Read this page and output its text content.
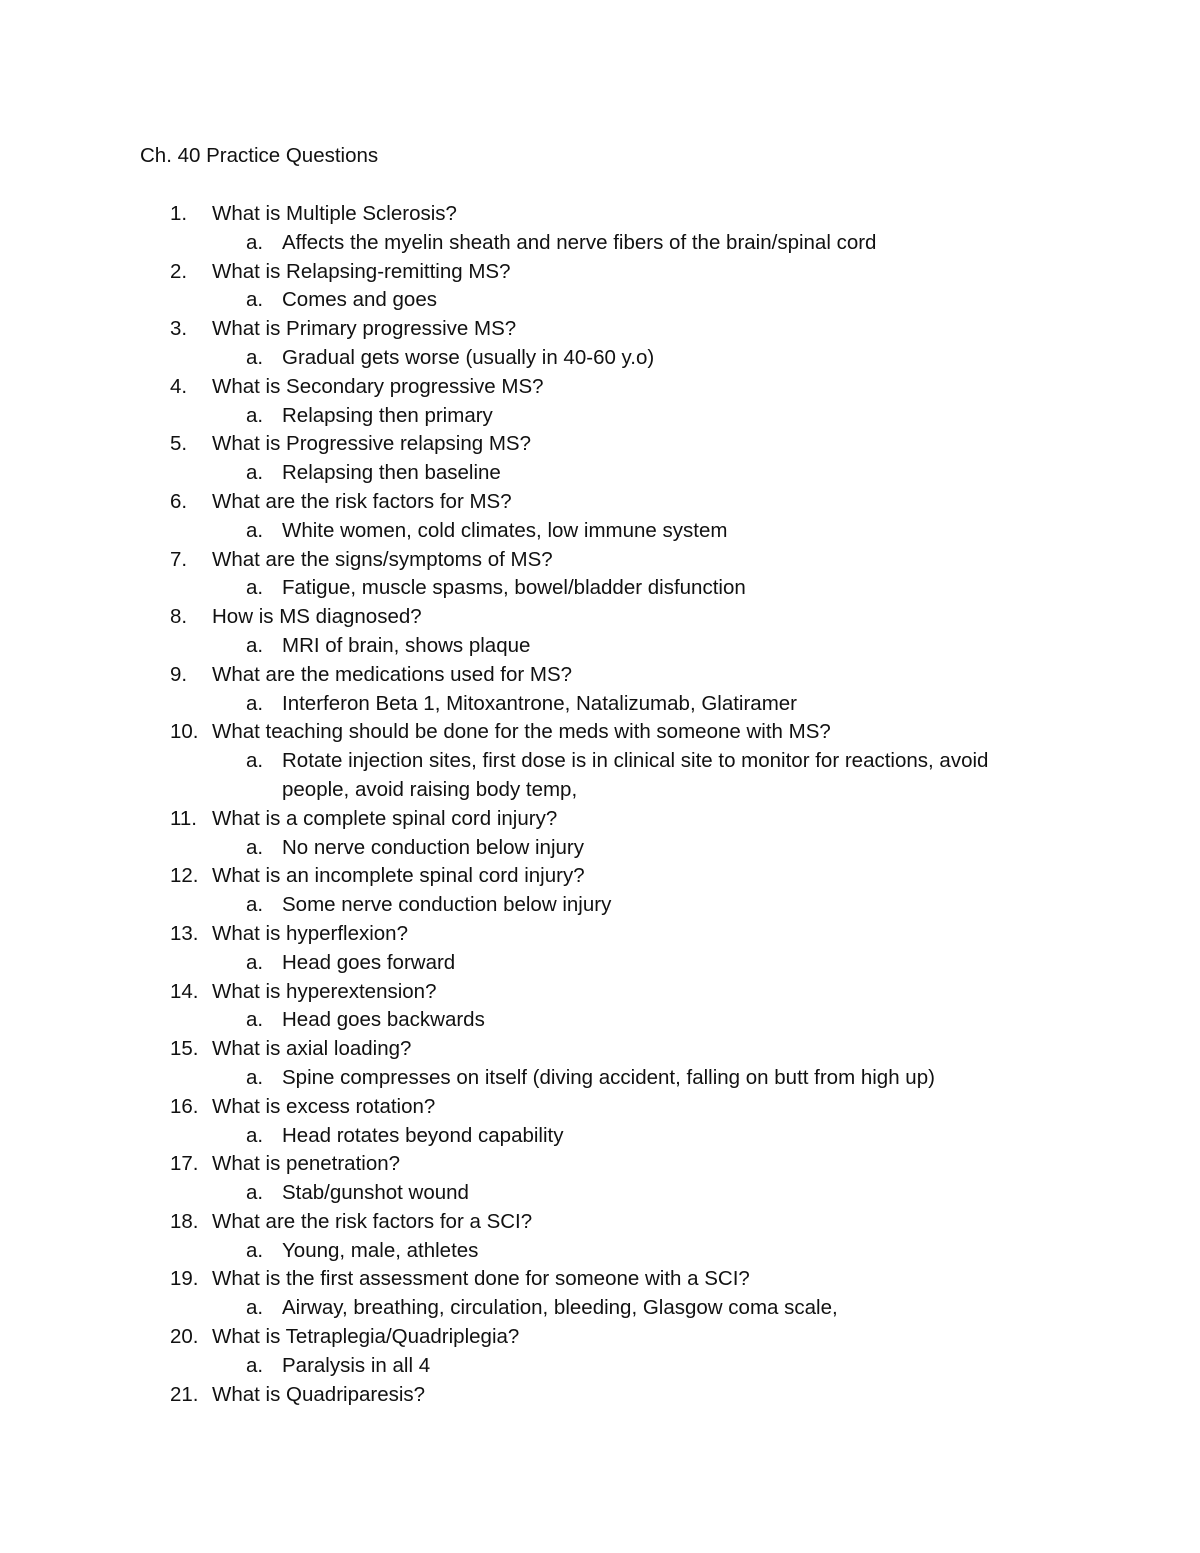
Ch. 40 Practice Questions
1.	What is Multiple Sclerosis?
a. Affects the myelin sheath and nerve fibers of the brain/spinal cord
2.	What is Relapsing-remitting MS?
a. Comes and goes
3.	What is Primary progressive MS?
a. Gradual gets worse (usually in 40-60 y.o)
4.	What is Secondary progressive MS?
a. Relapsing then primary
5.	What is Progressive relapsing MS?
a. Relapsing then baseline
6.	What are the risk factors for MS?
a. White women, cold climates, low immune system
7.	What are the signs/symptoms of MS?
a. Fatigue, muscle spasms, bowel/bladder disfunction
8.	How is MS diagnosed?
a. MRI of brain, shows plaque
9.	What are the medications used for MS?
a. Interferon Beta 1, Mitoxantrone, Natalizumab, Glatiramer
10. What teaching should be done for the meds with someone with MS?
a. Rotate injection sites, first dose is in clinical site to monitor for reactions, avoid
people, avoid raising body temp,
11. What is a complete spinal cord injury?
a. No nerve conduction below injury
12. What is an incomplete spinal cord injury?
a. Some nerve conduction below injury
13. What is hyperflexion?
a. Head goes forward
14. What is hyperextension?
a. Head goes backwards
15. What is axial loading?
a. Spine compresses on itself (diving accident, falling on butt from high up)
16. What is excess rotation?
a. Head rotates beyond capability
17. What is penetration?
a. Stab/gunshot wound
18. What are the risk factors for a SCI?
a. Young, male, athletes
19. What is the first assessment done for someone with a SCI?
a. Airway, breathing, circulation, bleeding, Glasgow coma scale,
20. What is Tetraplegia/Quadriplegia?
a. Paralysis in all 4
21. What is Quadriparesis?
